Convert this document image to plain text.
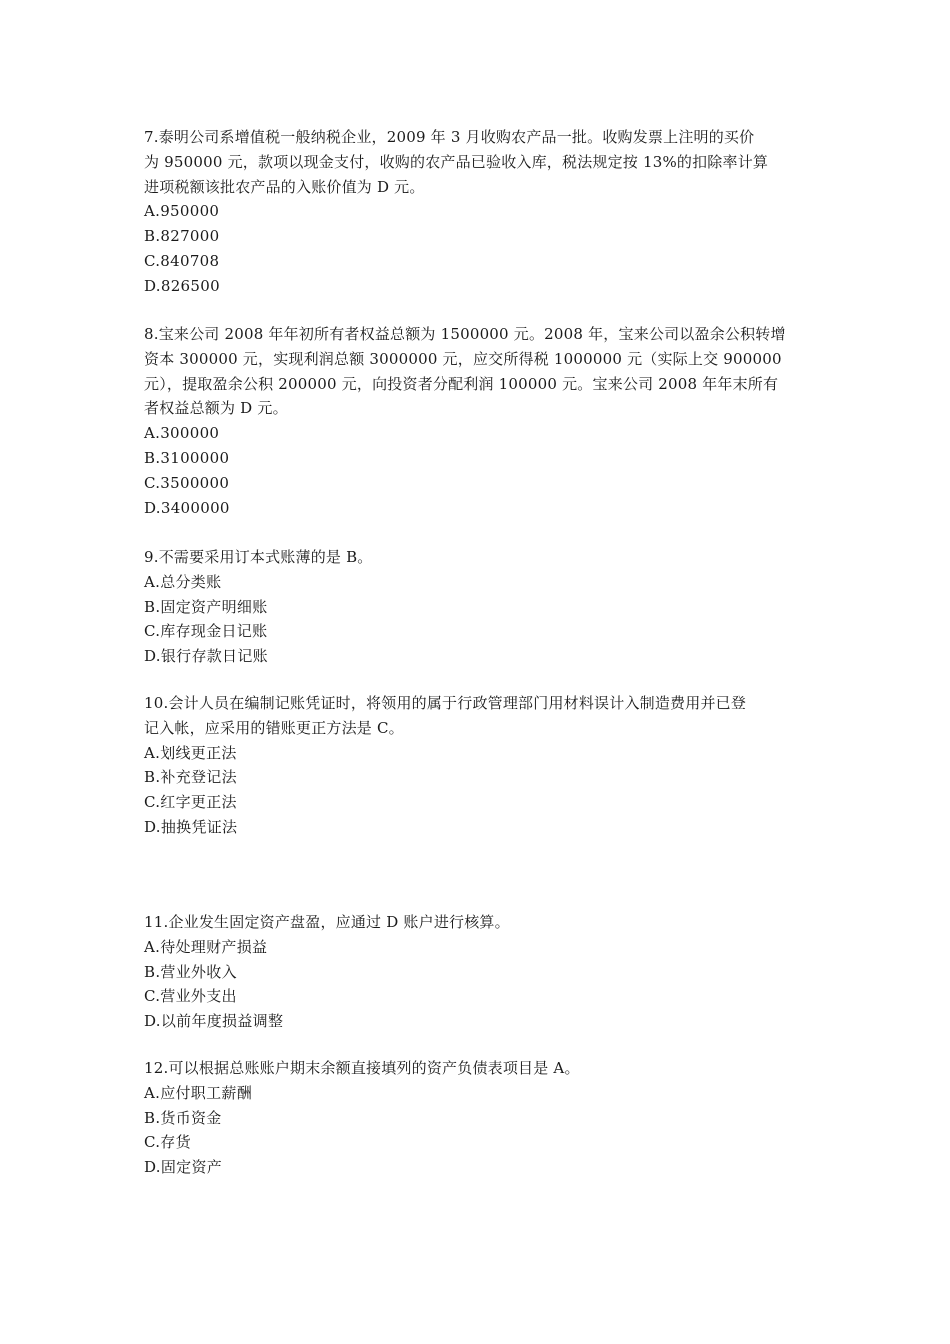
7.泰明公司系增值税一般纳税企业，2009 年 3 月收购农产品一批。收购发票上注明的买价

为 950000 元，款项以现金支付，收购的农产品已验收入库，税法规定按 13%的扣除率计算

进项税额该批农产品的入账价值为 D 元。

A.950000

B.827000

C.840708

D.826500

8.宝来公司 2008 年年初所有者权益总额为 1500000 元。2008 年，宝来公司以盈余公积转增

资本 300000 元，实现利润总额 3000000 元，应交所得税 1000000 元（实际上交 900000

元），提取盈余公积 200000 元，向投资者分配利润 100000 元。宝来公司 2008 年年末所有

者权益总额为 D 元。

A.300000

B.3100000

C.3500000

D.3400000

9.不需要采用订本式账薄的是 B。

A.总分类账

B.固定资产明细账

C.库存现金日记账

D.银行存款日记账

10.会计人员在编制记账凭证时，将领用的属于行政管理部门用材料误计入制造费用并已登

记入帐，应采用的错账更正方法是 C。

A.划线更正法

B.补充登记法

C.红字更正法

D.抽换凭证法

11.企业发生固定资产盘盈，应通过 D 账户进行核算。

A.待处理财产损益

B.营业外收入

C.营业外支出

D.以前年度损益调整

12.可以根据总账账户期末余额直接填列的资产负债表项目是 A。

A.应付职工薪酬

B.货币资金

C.存货

D.固定资产
